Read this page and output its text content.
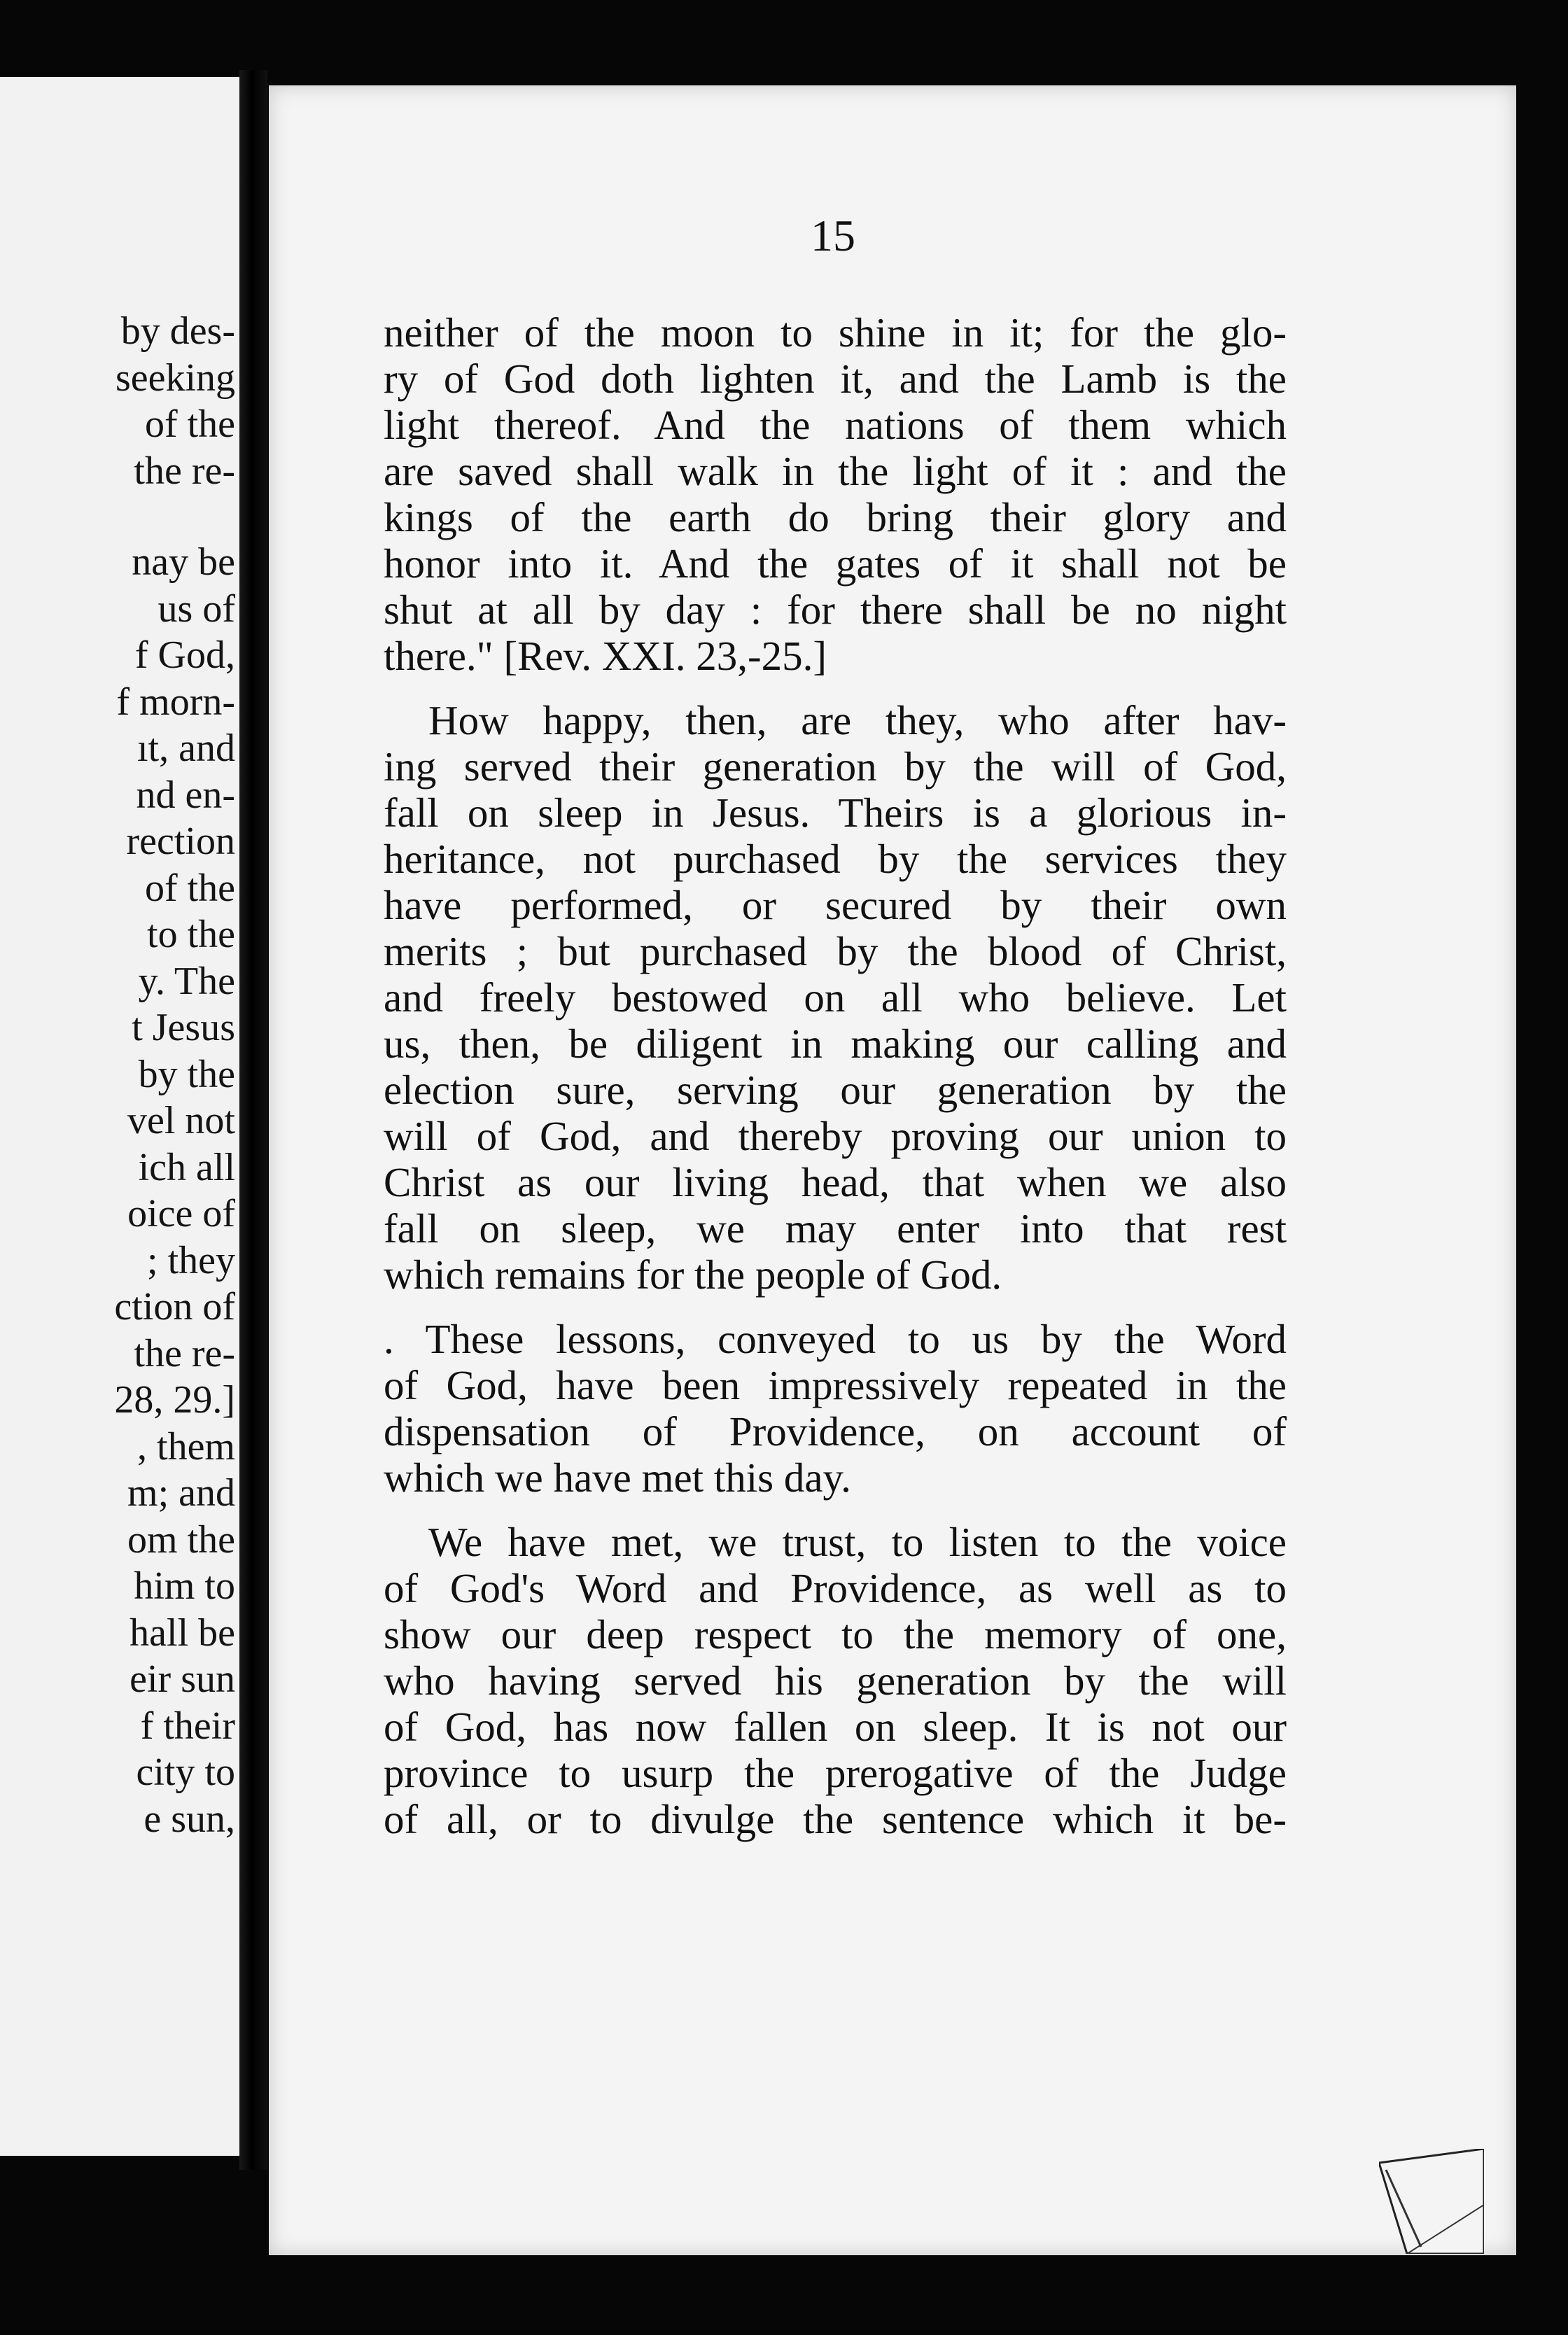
by des-
seeking
of the
the re-
nay be
us of
f God,
f morn-
ıt, and
nd en-
rection
of the
to the
y. The
t Jesus
by the
vel not
ich all
oice of
; they
ction of
the re-
28, 29.]
, them
m; and
om the
him to
hall be
eir sun
f their
city to
e sun,
15

neither of the moon to shine in it; for the glo-
ry of God doth lighten it, and the Lamb is the
light thereof. And the nations of them which
are saved shall walk in the light of it : and the
kings of the earth do bring their glory and
honor into it. And the gates of it shall not be
shut at all by day : for there shall be no night
there." [Rev. XXI. 23,-25.]

How happy, then, are they, who after hav-
ing served their generation by the will of God,
fall on sleep in Jesus. Theirs is a glorious in-
heritance, not purchased by the services they
have performed, or secured by their own
merits ; but purchased by the blood of Christ,
and freely bestowed on all who believe. Let
us, then, be diligent in making our calling and
election sure, serving our generation by the
will of God, and thereby proving our union to
Christ as our living head, that when we also
fall on sleep, we may enter into that rest
which remains for the people of God.

. These lessons, conveyed to us by the Word
of God, have been impressively repeated in the
dispensation of Providence, on account of
which we have met this day.

We have met, we trust, to listen to the voice
of God's Word and Providence, as well as to
show our deep respect to the memory of one,
who having served his generation by the will
of God, has now fallen on sleep. It is not our
province to usurp the prerogative of the Judge
of all, or to divulge the sentence which it be-
